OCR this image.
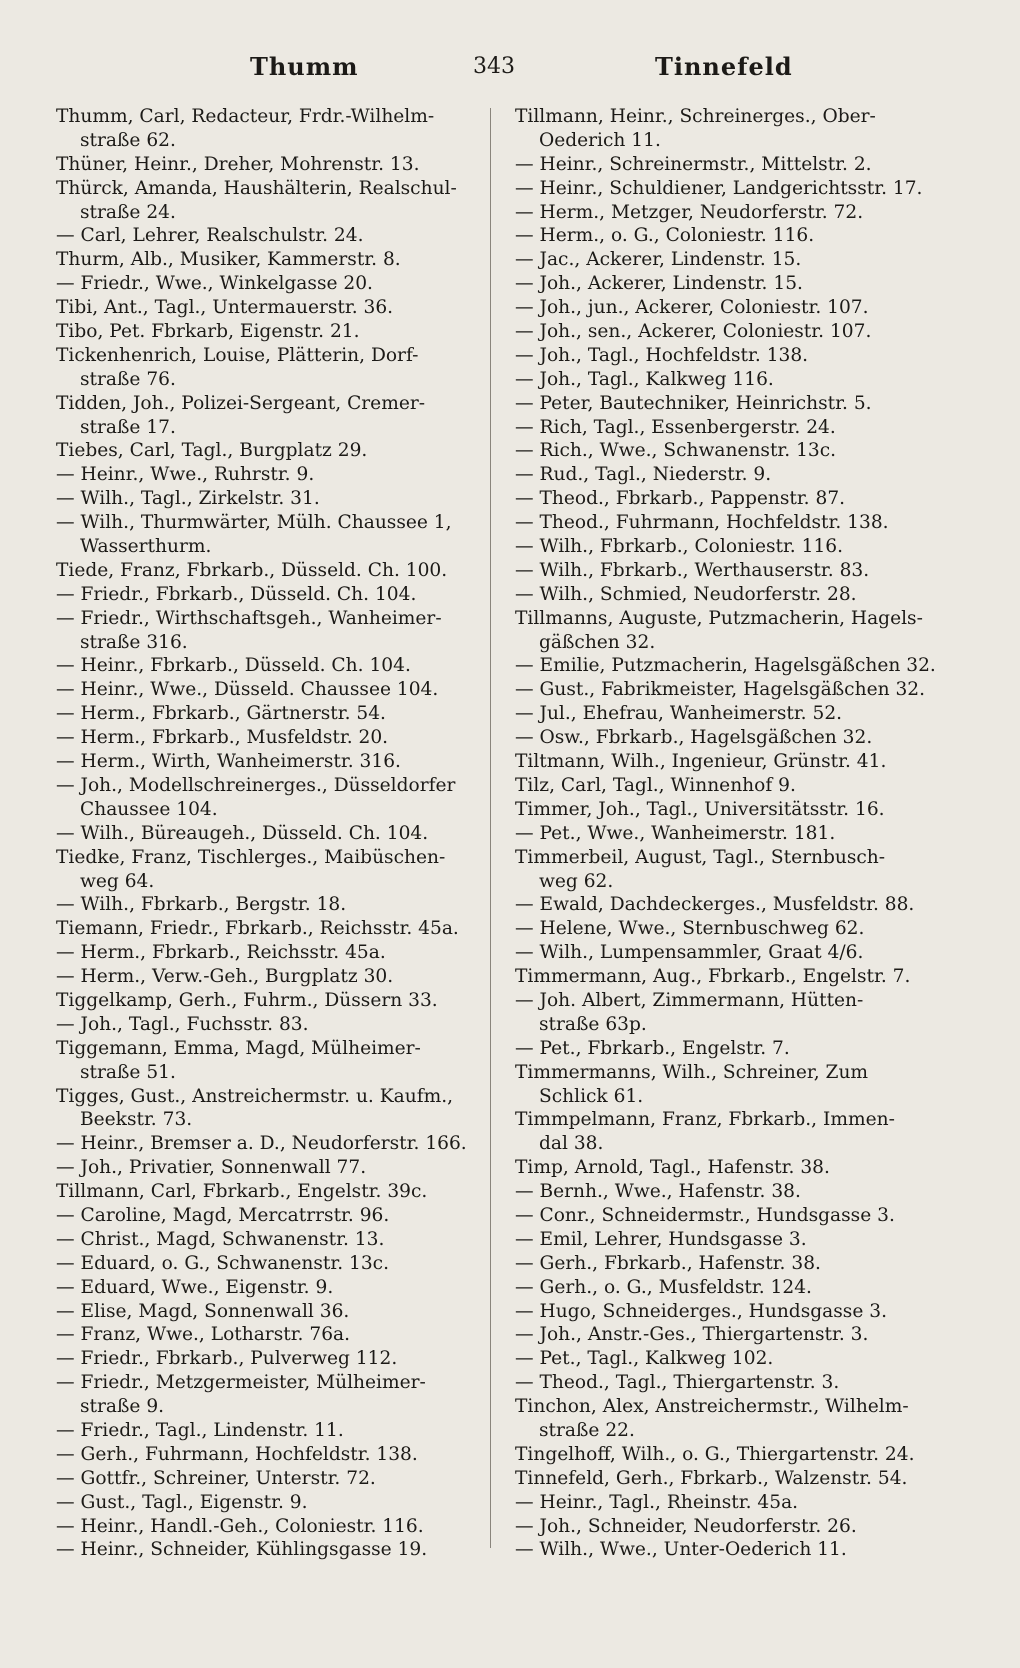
Thumm	343	Tinnefeld
Thumm, Carl, Redacteur, Frdr.-Wilhelm-
straße 62.
Thüner, Heinr., Dreher, Mohrenstr. 13.
Thürck, Amanda, Haushälterin, Realschul-
straße 24.
— Carl, Lehrer, Realschulstr. 24.
Thurm, Alb., Musiker, Kammerstr. 8.
— Friedr., Wwe., Winkelgasse 20.
Tibi, Ant., Tagl., Untermauerstr. 36.
Tibo, Pet. Fbrkarb, Eigenstr. 21.
Tickenhenrich, Louise, Plätterin, Dorf-
straße 76.
Tidden, Joh., Polizei-Sergeant, Cremer-
straße 17.
Tiebes, Carl, Tagl., Burgplatz 29.
— Heinr., Wwe., Ruhrstr. 9.
— Wilh., Tagl., Zirkelstr. 31.
— Wilh., Thurmwärter, Mülh. Chaussee 1,
Wasserthurm.
Tiede, Franz, Fbrkarb., Düsseld. Ch. 100.
— Friedr., Fbrkarb., Düsseld. Ch. 104.
— Friedr., Wirthschaftsgeh., Wanheimer-
straße 316.
— Heinr., Fbrkarb., Düsseld. Ch. 104.
— Heinr., Wwe., Düsseld. Chaussee 104.
— Herm., Fbrkarb., Gärtnerstr. 54.
— Herm., Fbrkarb., Musfeldstr. 20.
— Herm., Wirth, Wanheimerstr. 316.
— Joh., Modellschreinerges., Düsseldorfer
Chaussee 104.
— Wilh., Büreaugeh., Düsseld. Ch. 104.
Tiedke, Franz, Tischlerges., Maibüschen-
weg 64.
— Wilh., Fbrkarb., Bergstr. 18.
Tiemann, Friedr., Fbrkarb., Reichsstr. 45a.
— Herm., Fbrkarb., Reichsstr. 45a.
— Herm., Verw.-Geh., Burgplatz 30.
Tiggelkamp, Gerh., Fuhrm., Düssern 33.
— Joh., Tagl., Fuchsstr. 83.
Tiggemann, Emma, Magd, Mülheimer-
straße 51.
Tigges, Gust., Anstreichermstr. u. Kaufm.,
Beekstr. 73.
— Heinr., Bremser a. D., Neudorferstr. 166.
— Joh., Privatier, Sonnenwall 77.
Tillmann, Carl, Fbrkarb., Engelstr. 39c.
— Caroline, Magd, Mercatrrstr. 96.
— Christ., Magd, Schwanenstr. 13.
— Eduard, o. G., Schwanenstr. 13c.
— Eduard, Wwe., Eigenstr. 9.
— Elise, Magd, Sonnenwall 36.
— Franz, Wwe., Lotharstr. 76a.
— Friedr., Fbrkarb., Pulverweg 112.
— Friedr., Metzgermeister, Mülheimer-
straße 9.
— Friedr., Tagl., Lindenstr. 11.
— Gerh., Fuhrmann, Hochfeldstr. 138.
— Gottfr., Schreiner, Unterstr. 72.
— Gust., Tagl., Eigenstr. 9.
— Heinr., Handl.-Geh., Coloniestr. 116.
— Heinr., Schneider, Kühlingsgasse 19.
Tillmann, Heinr., Schreinerges., Ober-
Oederich 11.
— Heinr., Schreinermstr., Mittelstr. 2.
— Heinr., Schuldiener, Landgerichtsstr. 17.
— Herm., Metzger, Neudorferstr. 72.
— Herm., o. G., Coloniestr. 116.
— Jac., Ackerer, Lindenstr. 15.
— Joh., Ackerer, Lindenstr. 15.
— Joh., jun., Ackerer, Coloniestr. 107.
— Joh., sen., Ackerer, Coloniestr. 107.
— Joh., Tagl., Hochfeldstr. 138.
— Joh., Tagl., Kalkweg 116.
— Peter, Bautechniker, Heinrichstr. 5.
— Rich, Tagl., Essenbergerstr. 24.
— Rich., Wwe., Schwanenstr. 13c.
— Rud., Tagl., Niederstr. 9.
— Theod., Fbrkarb., Pappenstr. 87.
— Theod., Fuhrmann, Hochfeldstr. 138.
— Wilh., Fbrkarb., Coloniestr. 116.
— Wilh., Fbrkarb., Werthauserstr. 83.
— Wilh., Schmied, Neudorferstr. 28.
Tillmanns, Auguste, Putzmacherin, Hagels-
gäßchen 32.
— Emilie, Putzmacherin, Hagelsgäßchen 32.
— Gust., Fabrikmeister, Hagelsgäßchen 32.
— Jul., Ehefrau, Wanheimerstr. 52.
— Osw., Fbrkarb., Hagelsgäßchen 32.
Tiltmann, Wilh., Ingenieur, Grünstr. 41.
Tilz, Carl, Tagl., Winnenhof 9.
Timmer, Joh., Tagl., Universitätsstr. 16.
— Pet., Wwe., Wanheimerstr. 181.
Timmerbeil, August, Tagl., Sternbusch-
weg 62.
— Ewald, Dachdeckerges., Musfeldstr. 88.
— Helene, Wwe., Sternbuschweg 62.
— Wilh., Lumpensammler, Graat 4/6.
Timmermann, Aug., Fbrkarb., Engelstr. 7.
— Joh. Albert, Zimmermann, Hütten-
straße 63p.
— Pet., Fbrkarb., Engelstr. 7.
Timmermanns, Wilh., Schreiner, Zum
Schlick 61.
Timmpelmann, Franz, Fbrkarb., Immen-
dal 38.
Timp, Arnold, Tagl., Hafenstr. 38.
— Bernh., Wwe., Hafenstr. 38.
— Conr., Schneidermstr., Hundsgasse 3.
— Emil, Lehrer, Hundsgasse 3.
— Gerh., Fbrkarb., Hafenstr. 38.
— Gerh., o. G., Musfeldstr. 124.
— Hugo, Schneiderges., Hundsgasse 3.
— Joh., Anstr.-Ges., Thiergartenstr. 3.
— Pet., Tagl., Kalkweg 102.
— Theod., Tagl., Thiergartenstr. 3.
Tinchon, Alex, Anstreichermstr., Wilhelm-
straße 22.
Tingelhoff, Wilh., o. G., Thiergartenstr. 24.
Tinnefeld, Gerh., Fbrkarb., Walzenstr. 54.
— Heinr., Tagl., Rheinstr. 45a.
— Joh., Schneider, Neudorferstr. 26.
— Wilh., Wwe., Unter-Oederich 11.
